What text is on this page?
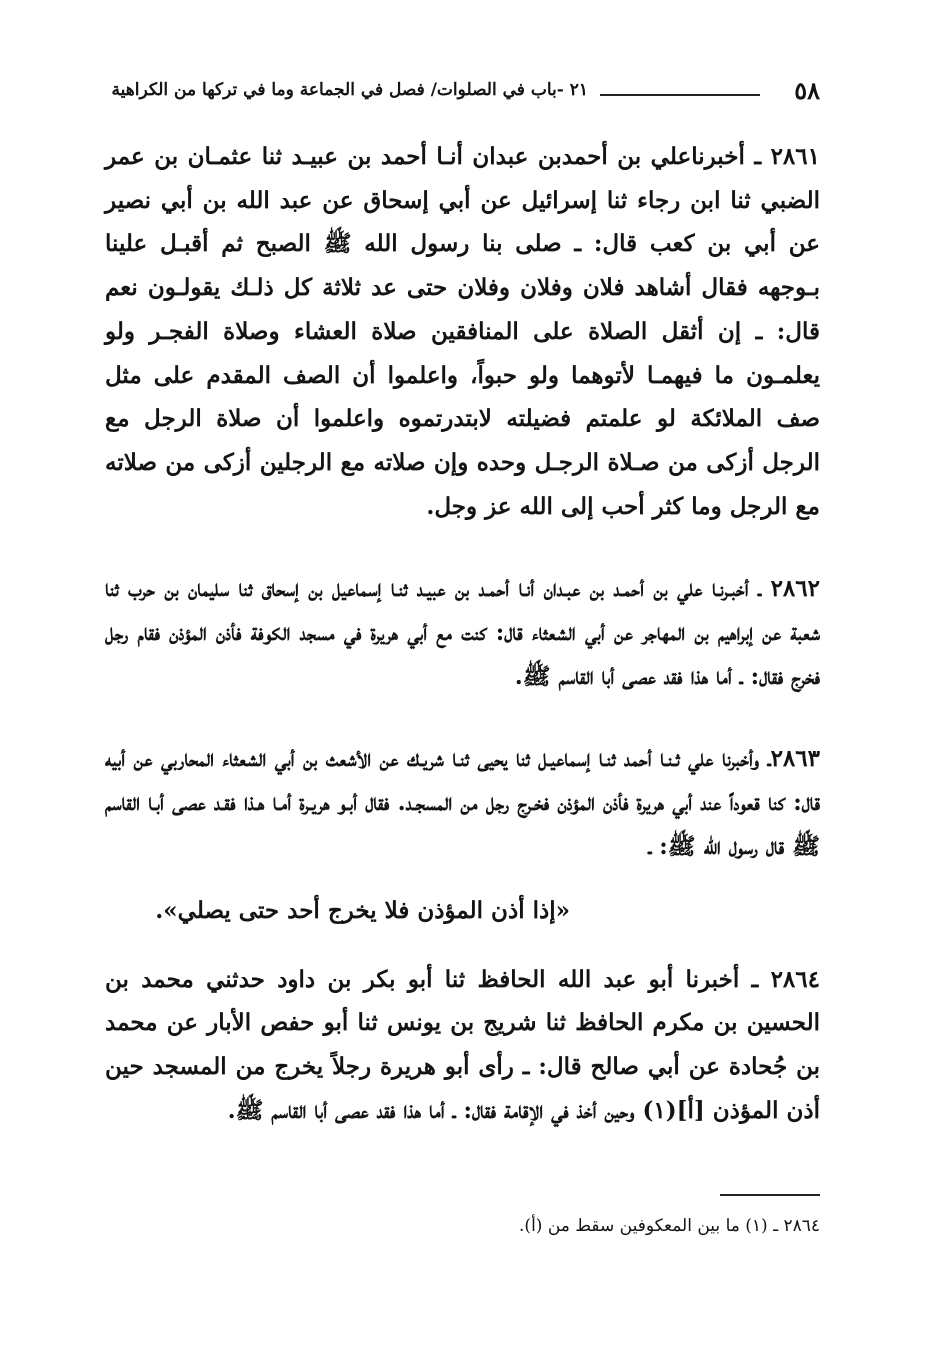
٥٨
٢١ -باب في الصلوات/ فصل في الجماعة وما في تركها من الكراهية

٢٨٦١ ـ أخبرناعلي بن أحمدبن عبدان أنـا أحمد بن عبيـد ثنا عثمـان بن عمر الضبي ثنا ابن رجاء ثنا إسرائيل عن أبي إسحاق عن عبد الله بن أبي نصير عن أبي بن كعب قال: ـ صلى بنا رسول الله ﷺ الصبح ثم أقبـل علينا بـوجهه فقال أشاهد فلان وفلان وفلان حتى عد ثلاثة كل ذلـك يقولـون نعم قال: ـ إن أثقل الصلاة على المنافقين صلاة العشاء وصلاة الفجـر ولو يعلمـون ما فيهمـا لأتوهما ولو حبواً، واعلموا أن الصف المقدم على مثل صف الملائكة لو علمتم فضيلته لابتدرتموه واعلموا أن صلاة الرجل مع الرجل أزكى من صـلاة الرجـل وحده وإن صلاته مع الرجلين أزكى من صلاته مع الرجل وما كثر أحب إلى الله عز وجل.

٢٨٦٢ ـ أخبـرنـا علي بن أحمـد بن عبـدان أنـا أحمـد بن عبيـد ثنـا إسماعيل بن إسحاق ثنا سليمان بن حرب ثنا شعبة عن إبراهيم بن المهاجر عن أبي الشعثاء قال: كنت مع أبي هريرة في مسجد الكوفة فأذن المؤذن فقام رجل فخرج فقال: ـ أما هذا فقد عصى أبا القاسم ﷺ.

٢٨٦٣ـ وأخبرنا علي ثـنـا أحمد ثنـا إسماعيـل ثنا يحيى ثنـا شريـك عن الأشعث بن أبي الشعثاء المحاربي عن أبيه قال: كنا قعوداً عند أبي هريرة فأذن المؤذن فخـرج رجل من المسجـد. فقال أبـو هريـرة أمـا هـذا فقـد عصى أبـا القاسم ﷺ قال رسول الله ﷺ: ـ

«إذا أذن المؤذن فلا يخرج أحد حتى يصلي».

٢٨٦٤ ـ أخبرنا أبو عبد الله الحافظ ثنا أبو بكر بن داود حدثني محمد بن الحسين بن مكرم الحافظ ثنا شريج بن يونس ثنا أبو حفص الأبار عن محمد بن جُحادة عن أبي صالح قال: ـ رأى أبو هريرة رجلاً يخرج من المسجد حين أذن المؤذن [أ](١) وحين أخذ في الإقامة فقال: ـ أما هذا فقد عصى أبا القاسم ﷺ.

٢٨٦٤ ـ (١) ما بين المعكوفين سقط من (أ).
